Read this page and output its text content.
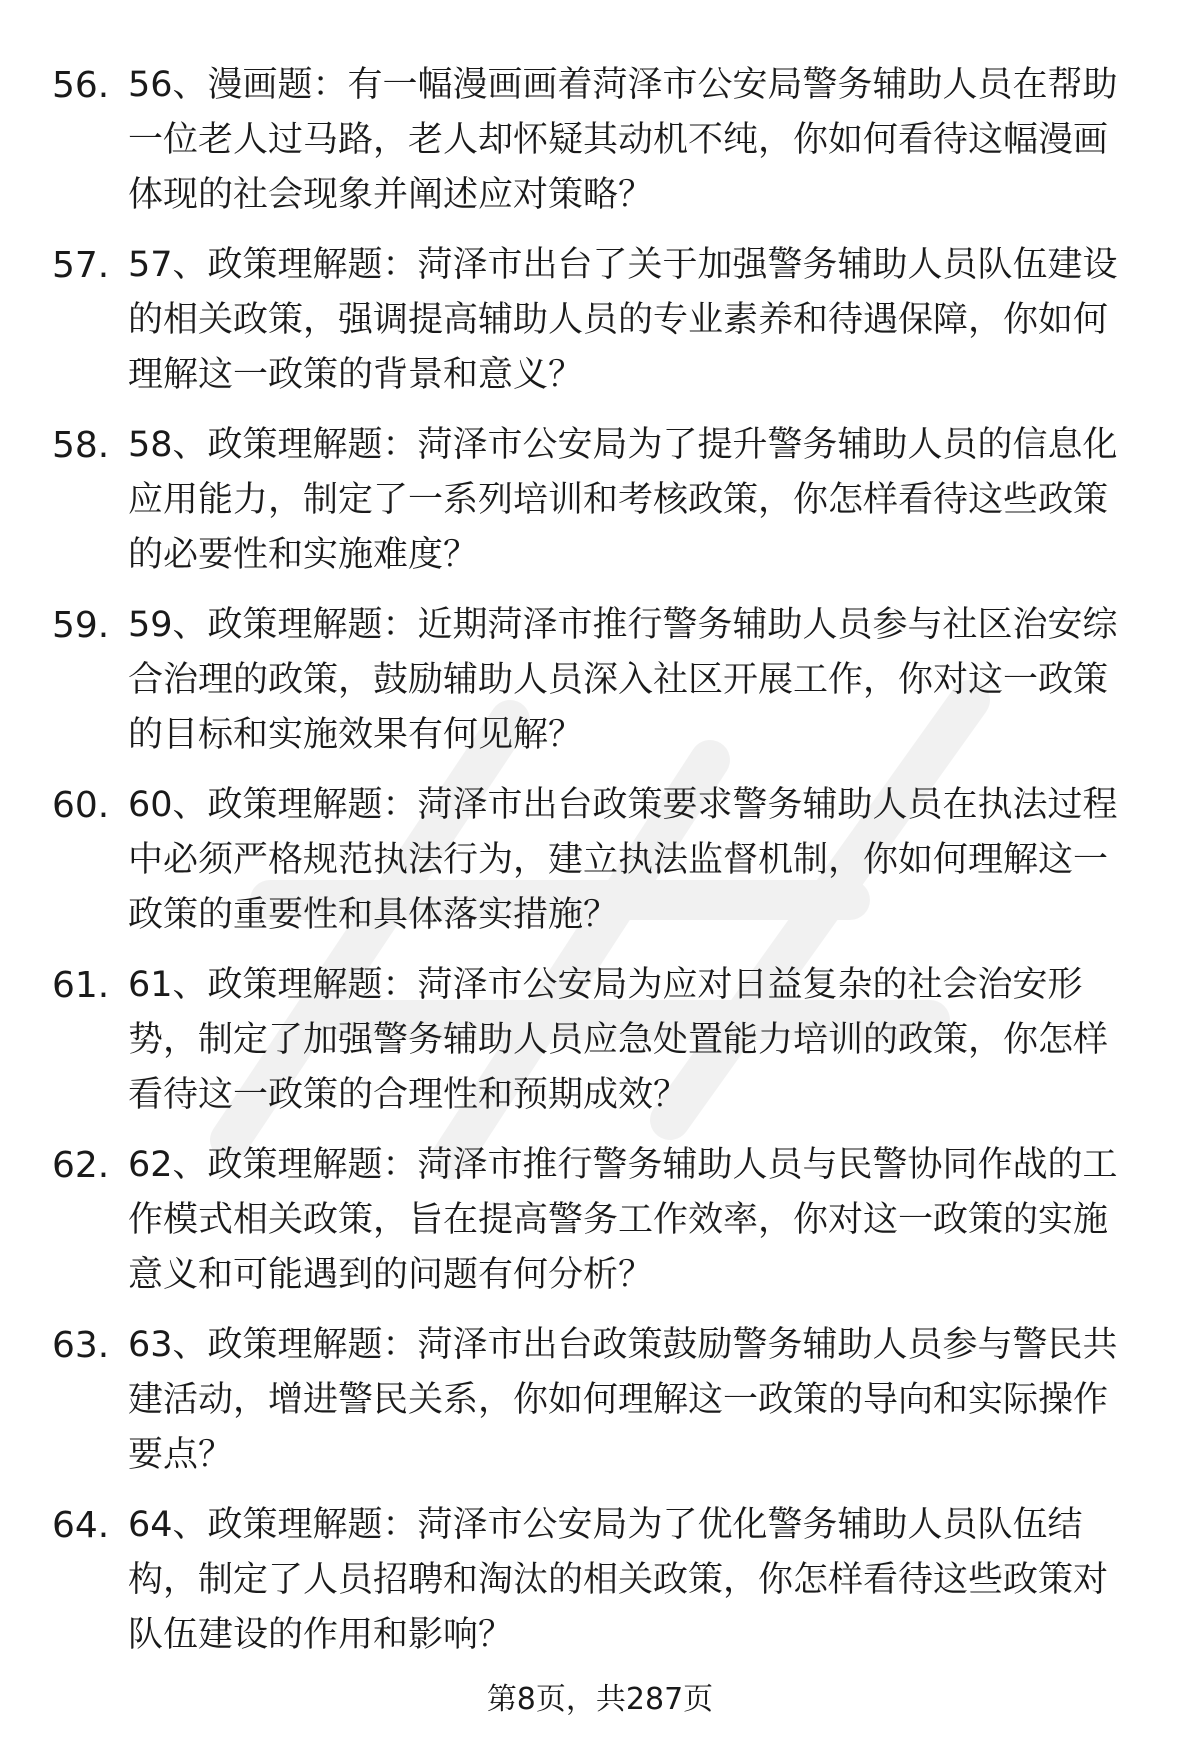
56. 56、漫画题：有一幅漫画画着菏泽市公安局警务辅助人员在帮助
一位老人过马路，老人却怀疑其动机不纯，你如何看待这幅漫画
体现的社会现象并阐述应对策略？

57. 57、政策理解题：菏泽市出台了关于加强警务辅助人员队伍建设
的相关政策，强调提高辅助人员的专业素养和待遇保障，你如何
理解这一政策的背景和意义？

58. 58、政策理解题：菏泽市公安局为了提升警务辅助人员的信息化
应用能力，制定了一系列培训和考核政策，你怎样看待这些政策
的必要性和实施难度？

59. 59、政策理解题：近期菏泽市推行警务辅助人员参与社区治安综
合治理的政策，鼓励辅助人员深入社区开展工作，你对这一政策
的目标和实施效果有何见解？

60. 60、政策理解题：菏泽市出台政策要求警务辅助人员在执法过程
中必须严格规范执法行为，建立执法监督机制，你如何理解这一
政策的重要性和具体落实措施？

61. 61、政策理解题：菏泽市公安局为应对日益复杂的社会治安形
势，制定了加强警务辅助人员应急处置能力培训的政策，你怎样
看待这一政策的合理性和预期成效？

62. 62、政策理解题：菏泽市推行警务辅助人员与民警协同作战的工
作模式相关政策，旨在提高警务工作效率，你对这一政策的实施
意义和可能遇到的问题有何分析？

63. 63、政策理解题：菏泽市出台政策鼓励警务辅助人员参与警民共
建活动，增进警民关系，你如何理解这一政策的导向和实际操作
要点？

64. 64、政策理解题：菏泽市公安局为了优化警务辅助人员队伍结
构，制定了人员招聘和淘汰的相关政策，你怎样看待这些政策对
队伍建设的作用和影响？

第8页，共287页
